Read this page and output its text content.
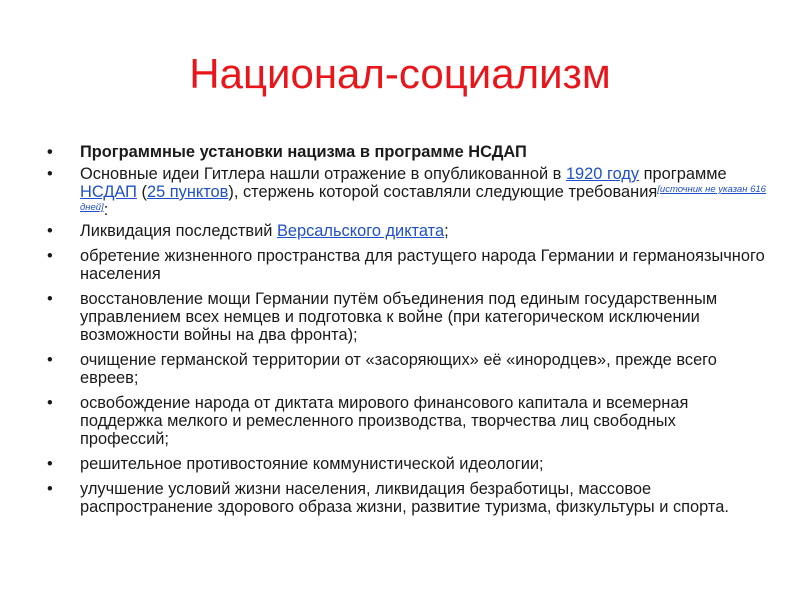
Национал-социализм
•	Программные установки нацизма в программе НСДАП
•	Основные идеи Гитлера нашли отражение в опубликованной в 1920 году программе НСДАП (25 пунктов), стержень которой составляли следующие требования[источник не указан 616 дней]:
•	Ликвидация последствий Версальского диктата;
•	обретение жизненного пространства для растущего народа Германии и германоязычного населения
•	восстановление мощи Германии путём объединения под единым государственным управлением всех немцев и подготовка к войне (при категорическом исключении возможности войны на два фронта);
•	очищение германской территории от «засоряющих» её «инородцев», прежде всего евреев;
•	освобождение народа от диктата мирового финансового капитала и всемерная поддержка мелкого и ремесленного производства, творчества лиц свободных профессий;
•	решительное противостояние коммунистической идеологии;
•	улучшение условий жизни населения, ликвидация безработицы, массовое распространение здорового образа жизни, развитие туризма, физкультуры и спорта.
